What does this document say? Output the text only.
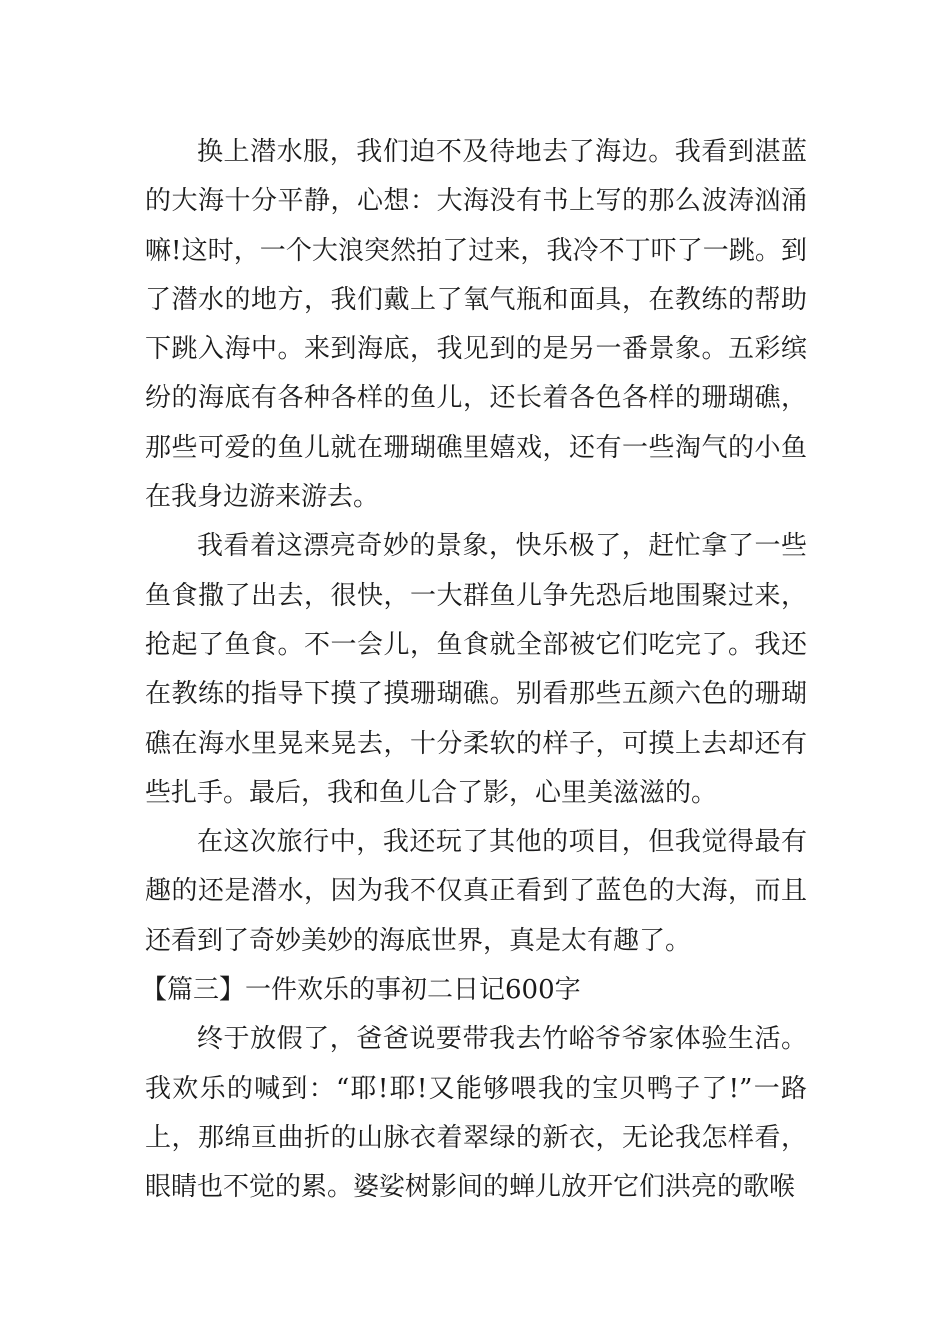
换上潜水服，我们迫不及待地去了海边。我看到湛蓝的大海十分平静，心想：大海没有书上写的那么波涛汹涌嘛!这时，一个大浪突然拍了过来，我冷不丁吓了一跳。到了潜水的地方，我们戴上了氧气瓶和面具，在教练的帮助下跳入海中。来到海底，我见到的是另一番景象。五彩缤纷的海底有各种各样的鱼儿，还长着各色各样的珊瑚礁，那些可爱的鱼儿就在珊瑚礁里嬉戏，还有一些淘气的小鱼在我身边游来游去。

我看着这漂亮奇妙的景象，快乐极了，赶忙拿了一些鱼食撒了出去，很快，一大群鱼儿争先恐后地围聚过来，抢起了鱼食。不一会儿，鱼食就全部被它们吃完了。我还在教练的指导下摸了摸珊瑚礁。别看那些五颜六色的珊瑚礁在海水里晃来晃去，十分柔软的样子，可摸上去却还有些扎手。最后，我和鱼儿合了影，心里美滋滋的。

在这次旅行中，我还玩了其他的项目，但我觉得最有趣的还是潜水，因为我不仅真正看到了蓝色的大海，而且还看到了奇妙美妙的海底世界，真是太有趣了。

【篇三】一件欢乐的事初二日记600字

终于放假了，爸爸说要带我去竹峪爷爷家体验生活。我欢乐的喊到：“耶!耶!又能够喂我的宝贝鸭子了!”一路上，那绵亘曲折的山脉衣着翠绿的新衣，无论我怎样看，眼睛也不觉的累。婆娑树影间的蝉儿放开它们洪亮的歌喉
